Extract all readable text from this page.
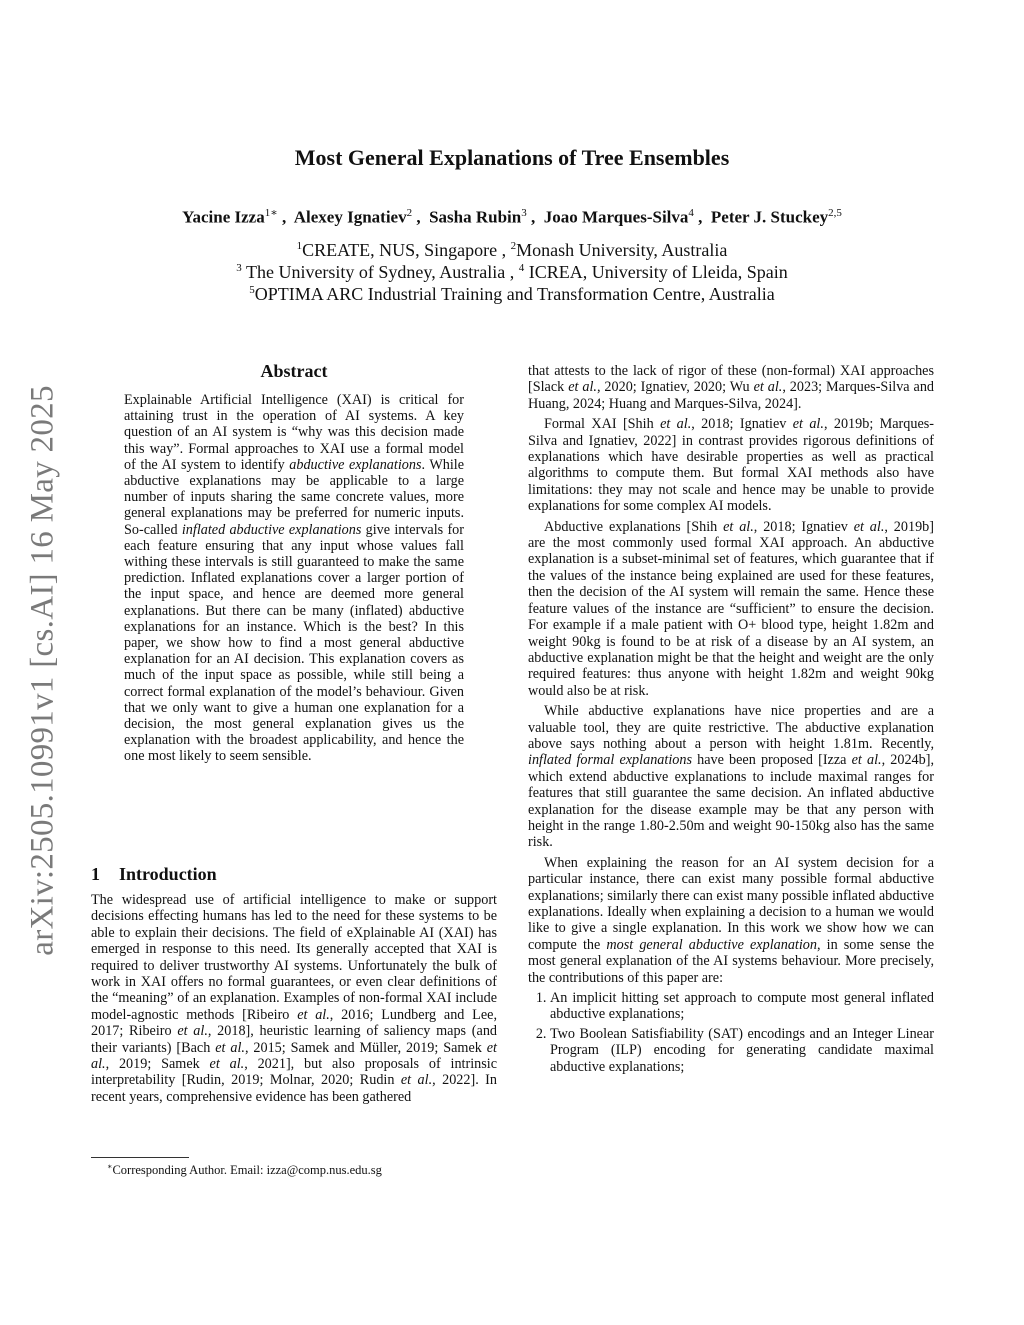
arXiv:2505.10991v1 [cs.AI] 16 May 2025
Most General Explanations of Tree Ensembles
Yacine Izza$^{1∗}$ ,  Alexey Ignatiev$^2$ ,  Sasha Rubin$^3$ ,  Joao Marques-Silva$^4$ ,  Peter J. Stuckey$^{2,5}$
$^1$CREATE, NUS, Singapore , $^2$Monash University, Australia
$^3$ The University of Sydney, Australia , $^4$ ICREA, University of Lleida, Spain
$^5$OPTIMA ARC Industrial Training and Transformation Centre, Australia
Abstract

Explainable Artificial Intelligence (XAI) is critical for attaining trust in the operation of AI systems. A key question of an AI system is “why was this decision made this way”. Formal approaches to XAI use a formal model of the AI system to identify abductive explanations. While abductive explanations may be applicable to a large number of inputs sharing the same concrete values, more general explanations may be preferred for numeric inputs. So-called inflated abductive explanations give intervals for each feature ensuring that any input whose values fall withing these intervals is still guaranteed to make the same prediction. Inflated explanations cover a larger portion of the input space, and hence are deemed more general explanations. But there can be many (inflated) abductive explanations for an instance. Which is the best? In this paper, we show how to find a most general abductive explanation for an AI decision. This explanation covers as much of the input space as possible, while still being a correct formal explanation of the model’s behaviour. Given that we only want to give a human one explanation for a decision, the most general explanation gives us the explanation with the broadest applicability, and hence the one most likely to seem sensible.

1 Introduction

The widespread use of artificial intelligence to make or support decisions effecting humans has led to the need for these systems to be able to explain their decisions. The field of eXplainable AI (XAI) has emerged in response to this need. Its generally accepted that XAI is required to deliver trustworthy AI systems. Unfortunately the bulk of work in XAI offers no formal guarantees, or even clear definitions of the “meaning” of an explanation. Examples of non-formal XAI include model-agnostic methods [Ribeiro et al., 2016; Lundberg and Lee, 2017; Ribeiro et al., 2018], heuristic learning of saliency maps (and their variants) [Bach et al., 2015; Samek and Müller, 2019; Samek et al., 2019; Samek et al., 2021], but also proposals of intrinsic interpretability [Rudin, 2019; Molnar, 2020; Rudin et al., 2022]. In recent years, comprehensive evidence has been gathered

∗Corresponding Author. Email: izza@comp.nus.edu.sg

that attests to the lack of rigor of these (non-formal) XAI approaches [Slack et al., 2020; Ignatiev, 2020; Wu et al., 2023; Marques-Silva and Huang, 2024; Huang and Marques-Silva, 2024].

Formal XAI [Shih et al., 2018; Ignatiev et al., 2019b; Marques-Silva and Ignatiev, 2022] in contrast provides rigorous definitions of explanations which have desirable properties as well as practical algorithms to compute them. But formal XAI methods also have limitations: they may not scale and hence may be unable to provide explanations for some complex AI models.

Abductive explanations [Shih et al., 2018; Ignatiev et al., 2019b] are the most commonly used formal XAI approach. An abductive explanation is a subset-minimal set of features, which guarantee that if the values of the instance being explained are used for these features, then the decision of the AI system will remain the same. Hence these feature values of the instance are “sufficient” to ensure the decision. For example if a male patient with O+ blood type, height 1.82m and weight 90kg is found to be at risk of a disease by an AI system, an abductive explanation might be that the height and weight are the only required features: thus anyone with height 1.82m and weight 90kg would also be at risk.

While abductive explanations have nice properties and are a valuable tool, they are quite restrictive. The abductive explanation above says nothing about a person with height 1.81m. Recently, inflated formal explanations have been proposed [Izza et al., 2024b], which extend abductive explanations to include maximal ranges for features that still guarantee the same decision. An inflated abductive explanation for the disease example may be that any person with height in the range 1.80-2.50m and weight 90-150kg also has the same risk.

When explaining the reason for an AI system decision for a particular instance, there can exist many possible formal abductive explanations; similarly there can exist many possible inflated abductive explanations. Ideally when explaining a decision to a human we would like to give a single explanation. In this work we show how we can compute the most general abductive explanation, in some sense the most general explanation of the AI systems behaviour. More precisely, the contributions of this paper are:

1. An implicit hitting set approach to compute most general inflated abductive explanations;
2. Two Boolean Satisfiability (SAT) encodings and an Integer Linear Program (ILP) encoding for generating candidate maximal abductive explanations;
